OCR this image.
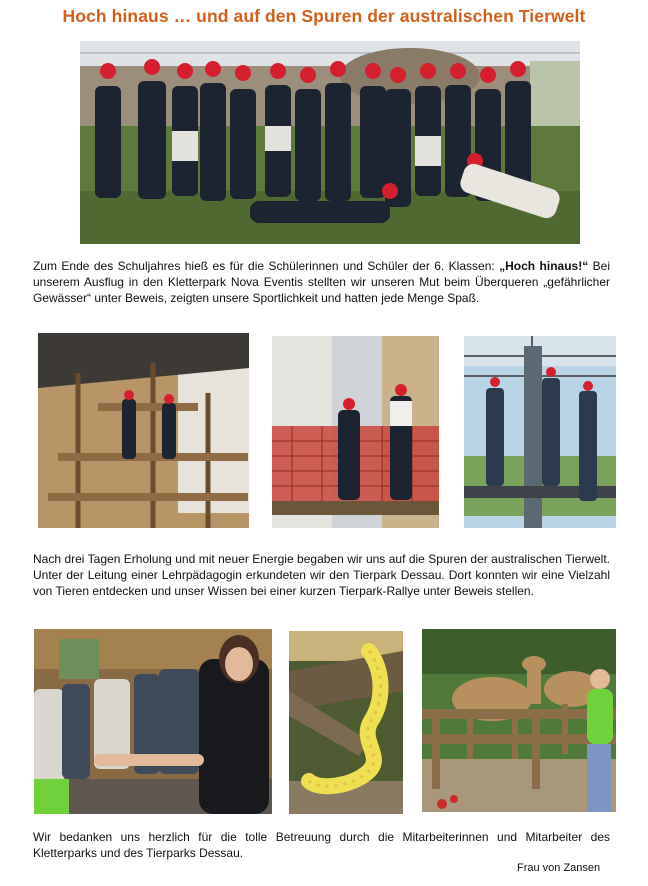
Hoch hinaus … und auf den Spuren der australischen Tierwelt
Zum Ende des Schuljahres hieß es für die Schülerinnen und Schüler der 6. Klassen: „Hoch hinaus!“ Bei unserem Ausflug in den Kletterpark Nova Eventis stellten wir unseren Mut beim Überqueren „gefährlicher Gewässer“ unter Beweis, zeigten unsere Sportlichkeit und hatten jede Menge Spaß.
Nach drei Tagen Erholung und mit neuer Energie begaben wir uns auf die Spuren der australischen Tierwelt. Unter der Leitung einer Lehrpädagogin erkundeten wir den Tierpark Dessau. Dort konnten wir eine Vielzahl von Tieren entdecken und unser Wissen bei einer kurzen Tierpark-Rallye unter Beweis stellen.
Wir bedanken uns herzlich für die tolle Betreuung durch die Mitarbeiterinnen und Mitarbeiter des Kletterparks und des Tierparks Dessau.
Frau von Zansen
